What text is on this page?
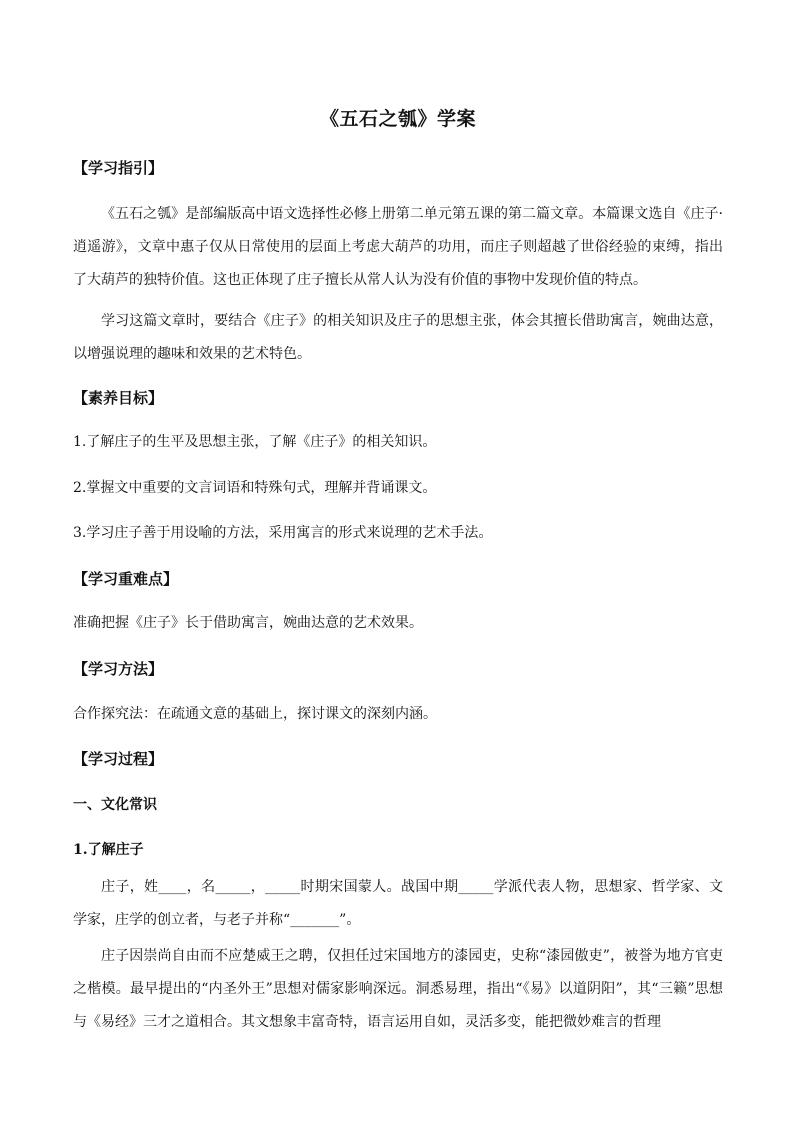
《五石之瓠》学案
【学习指引】
《五石之瓠》是部编版高中语文选择性必修上册第二单元第五课的第二篇文章。本篇课文选自《庄子·逍遥游》，文章中惠子仅从日常使用的层面上考虑大葫芦的功用，而庄子则超越了世俗经验的束缚，指出了大葫芦的独特价值。这也正体现了庄子擅长从常人认为没有价值的事物中发现价值的特点。
学习这篇文章时，要结合《庄子》的相关知识及庄子的思想主张，体会其擅长借助寓言，婉曲达意，以增强说理的趣味和效果的艺术特色。
【素养目标】
1.了解庄子的生平及思想主张，了解《庄子》的相关知识。
2.掌握文中重要的文言词语和特殊句式，理解并背诵课文。
3.学习庄子善于用设喻的方法，采用寓言的形式来说理的艺术手法。
【学习重难点】
准确把握《庄子》长于借助寓言，婉曲达意的艺术效果。
【学习方法】
合作探究法：在疏通文意的基础上，探讨课文的深刻内涵。
【学习过程】
一、文化常识
1.了解庄子
庄子，姓____，名_____，_____时期宋国蒙人。战国中期_____学派代表人物，思想家、哲学家、文学家，庄学的创立者，与老子并称“_______”。
庄子因崇尚自由而不应楚威王之聘，仅担任过宋国地方的漆园吏，史称“漆园傲吏”，被誉为地方官吏之楷模。最早提出的“内圣外王”思想对儒家影响深远。洞悉易理，指出“《易》以道阴阳”，其“三籁”思想与《易经》三才之道相合。其文想象丰富奇特，语言运用自如，灵活多变，能把微妙难言的哲理
